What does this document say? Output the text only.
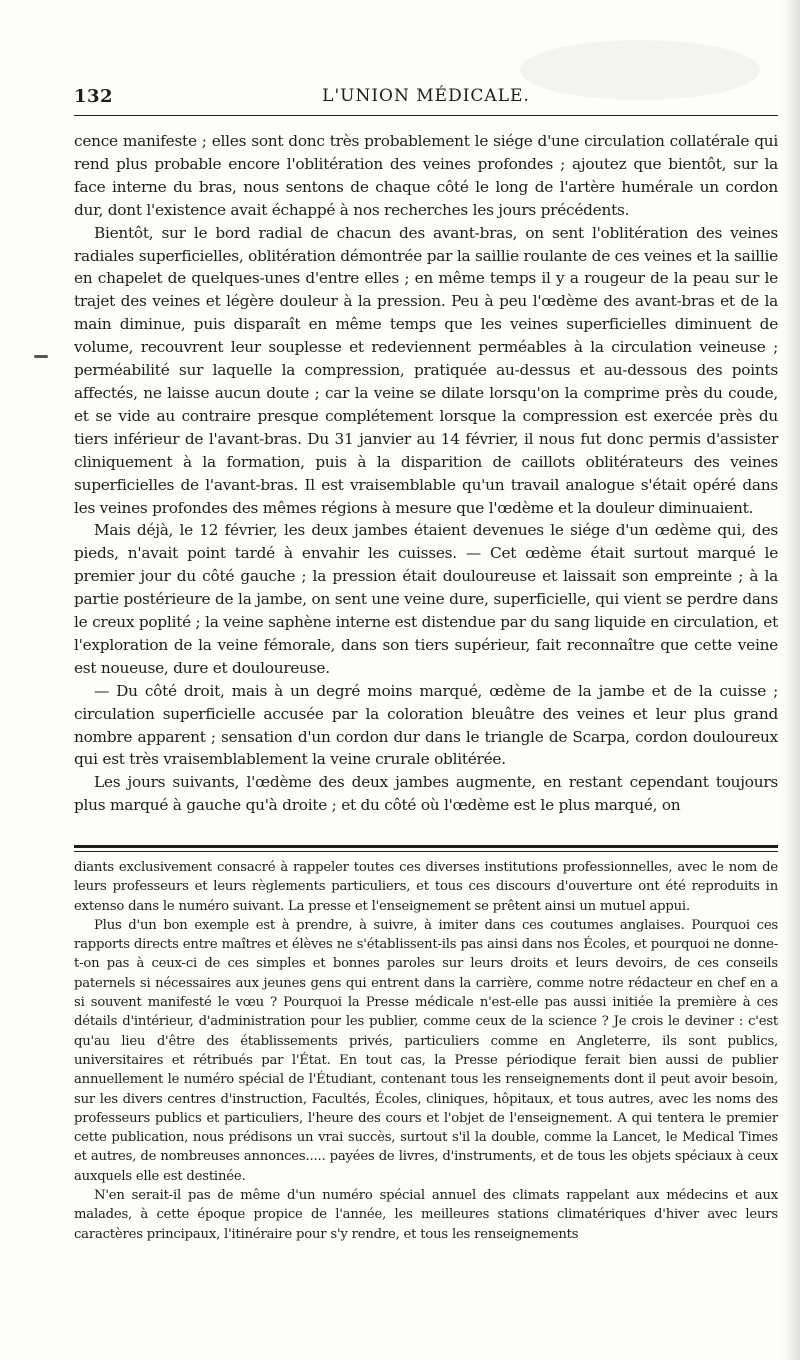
132	L'UNION MÉDICALE.

cence manifeste ; elles sont donc très probablement le siége d'une circulation collatérale qui rend plus probable encore l'oblitération des veines profondes ; ajoutez que bientôt, sur la face interne du bras, nous sentons de chaque côté le long de l'artère humérale un cordon dur, dont l'existence avait échappé à nos recherches les jours précédents.

Bientôt, sur le bord radial de chacun des avant-bras, on sent l'oblitération des veines radiales superficielles, oblitération démontrée par la saillie roulante de ces veines et la saillie en chapelet de quelques-unes d'entre elles ; en même temps il y a rougeur de la peau sur le trajet des veines et légère douleur à la pression. Peu à peu l'œdème des avant-bras et de la main diminue, puis disparaît en même temps que les veines superficielles diminuent de volume, recouvrent leur souplesse et redeviennent perméables à la circulation veineuse ; perméabilité sur laquelle la compression, pratiquée au-dessus et au-dessous des points affectés, ne laisse aucun doute ; car la veine se dilate lorsqu'on la comprime près du coude, et se vide au contraire presque complétement lorsque la compression est exercée près du tiers inférieur de l'avant-bras. Du 31 janvier au 14 février, il nous fut donc permis d'assister cliniquement à la formation, puis à la disparition de caillots oblitérateurs des veines superficielles de l'avant-bras. Il est vraisemblable qu'un travail analogue s'était opéré dans les veines profondes des mêmes régions à mesure que l'œdème et la douleur diminuaient.

Mais déjà, le 12 février, les deux jambes étaient devenues le siége d'un œdème qui, des pieds, n'avait point tardé à envahir les cuisses. — Cet œdème était surtout marqué le premier jour du côté gauche ; la pression était douloureuse et laissait son empreinte ; à la partie postérieure de la jambe, on sent une veine dure, superficielle, qui vient se perdre dans le creux poplité ; la veine saphène interne est distendue par du sang liquide en circulation, et l'exploration de la veine fémorale, dans son tiers supérieur, fait reconnaître que cette veine est noueuse, dure et douloureuse.

— Du côté droit, mais à un degré moins marqué, œdème de la jambe et de la cuisse ; circulation superficielle accusée par la coloration bleuâtre des veines et leur plus grand nombre apparent ; sensation d'un cordon dur dans le triangle de Scarpa, cordon douloureux qui est très vraisemblablement la veine crurale oblitérée.

Les jours suivants, l'œdème des deux jambes augmente, en restant cependant toujours plus marqué à gauche qu'à droite ; et du côté où l'œdème est le plus marqué, on

diants exclusivement consacré à rappeler toutes ces diverses institutions professionnelles, avec le nom de leurs professeurs et leurs règlements particuliers, et tous ces discours d'ouverture ont été reproduits in extenso dans le numéro suivant. La presse et l'enseignement se prêtent ainsi un mutuel appui.

Plus d'un bon exemple est à prendre, à suivre, à imiter dans ces coutumes anglaises. Pourquoi ces rapports directs entre maîtres et élèves ne s'établissent-ils pas ainsi dans nos Écoles, et pourquoi ne donne-t-on pas à ceux-ci de ces simples et bonnes paroles sur leurs droits et leurs devoirs, de ces conseils paternels si nécessaires aux jeunes gens qui entrent dans la carrière, comme notre rédacteur en chef en a si souvent manifesté le vœu ? Pourquoi la Presse médicale n'est-elle pas aussi initiée la première à ces détails d'intérieur, d'administration pour les publier, comme ceux de la science ? Je crois le deviner : c'est qu'au lieu d'être des établissements privés, particuliers comme en Angleterre, ils sont publics, universitaires et rétribués par l'État. En tout cas, la Presse périodique ferait bien aussi de publier annuellement le numéro spécial de l'Étudiant, contenant tous les renseignements dont il peut avoir besoin, sur les divers centres d'instruction, Facultés, Écoles, cliniques, hôpitaux, et tous autres, avec les noms des professeurs publics et particuliers, l'heure des cours et l'objet de l'enseignement. A qui tentera le premier cette publication, nous prédisons un vrai succès, surtout s'il la double, comme la Lancet, le Medical Times et autres, de nombreuses annonces..... payées de livres, d'instruments, et de tous les objets spéciaux à ceux auxquels elle est destinée.

N'en serait-il pas de même d'un numéro spécial annuel des climats rappelant aux médecins et aux malades, à cette époque propice de l'année, les meilleures stations climatériques d'hiver avec leurs caractères principaux, l'itinéraire pour s'y rendre, et tous les renseignements
